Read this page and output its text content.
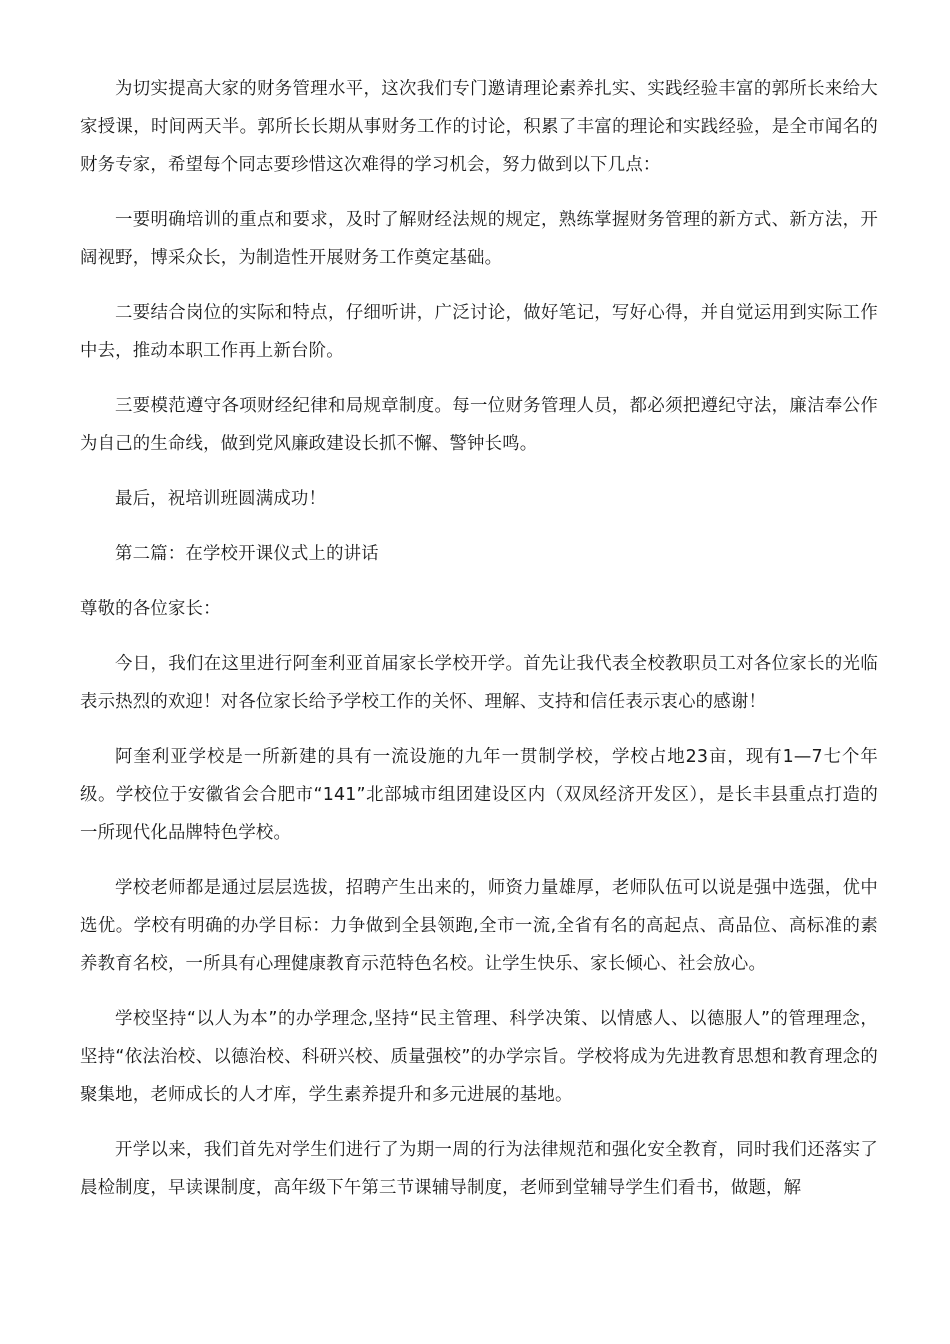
为切实提高大家的财务管理水平，这次我们专门邀请理论素养扎实、实践经验丰富的郭所长来给大家授课，时间两天半。郭所长长期从事财务工作的讨论，积累了丰富的理论和实践经验，是全市闻名的财务专家，希望每个同志要珍惜这次难得的学习机会，努力做到以下几点：

一要明确培训的重点和要求，及时了解财经法规的规定，熟练掌握财务管理的新方式、新方法，开阔视野，博采众长，为制造性开展财务工作奠定基础。

二要结合岗位的实际和特点，仔细听讲，广泛讨论，做好笔记，写好心得，并自觉运用到实际工作中去，推动本职工作再上新台阶。

三要模范遵守各项财经纪律和局规章制度。每一位财务管理人员，都必须把遵纪守法，廉洁奉公作为自己的生命线，做到党风廉政建设长抓不懈、警钟长鸣。

最后，祝培训班圆满成功！

第二篇：在学校开课仪式上的讲话

尊敬的各位家长：

今日，我们在这里进行阿奎利亚首届家长学校开学。首先让我代表全校教职员工对各位家长的光临表示热烈的欢迎！对各位家长给予学校工作的关怀、理解、支持和信任表示衷心的感谢！

阿奎利亚学校是一所新建的具有一流设施的九年一贯制学校，学校占地23亩，现有1—7七个年级。学校位于安徽省会合肥市“141”北部城市组团建设区内（双凤经济开发区），是长丰县重点打造的一所现代化品牌特色学校。

学校老师都是通过层层选拔，招聘产生出来的，师资力量雄厚，老师队伍可以说是强中选强，优中选优。学校有明确的办学目标：力争做到全县领跑,全市一流,全省有名的高起点、高品位、高标准的素养教育名校，一所具有心理健康教育示范特色名校。让学生快乐、家长倾心、社会放心。

学校坚持“以人为本”的办学理念,坚持“民主管理、科学决策、以情感人、以德服人”的管理理念，坚持“依法治校、以德治校、科研兴校、质量强校”的办学宗旨。学校将成为先进教育思想和教育理念的聚集地，老师成长的人才库，学生素养提升和多元进展的基地。

开学以来，我们首先对学生们进行了为期一周的行为法律规范和强化安全教育，同时我们还落实了晨检制度，早读课制度，高年级下午第三节课辅导制度，老师到堂辅导学生们看书，做题，解
